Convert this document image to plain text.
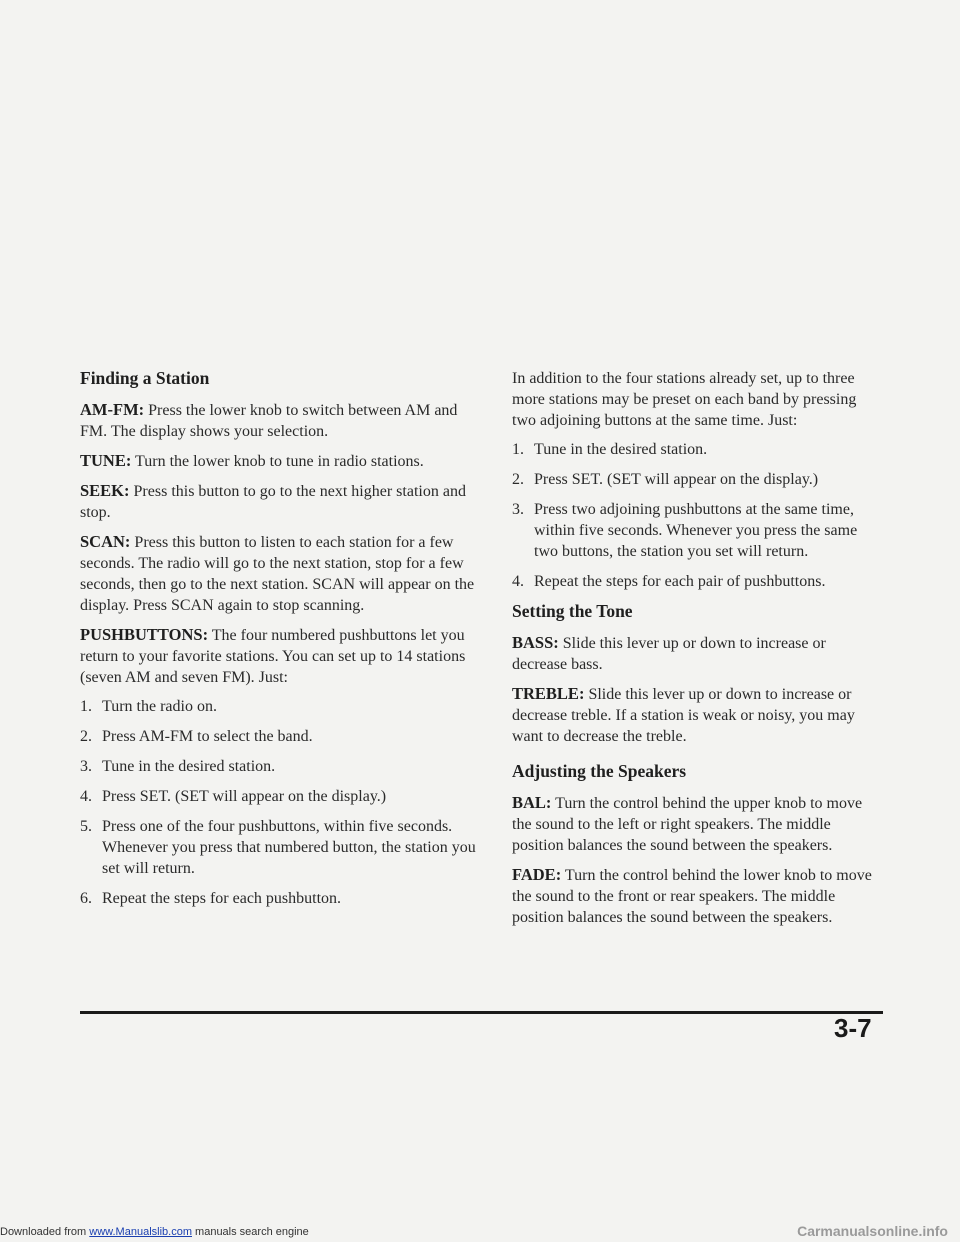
Finding a Station

AM-FM: Press the lower knob to switch between AM and FM. The display shows your selection.

TUNE: Turn the lower knob to tune in radio stations.

SEEK: Press this button to go to the next higher station and stop.

SCAN: Press this button to listen to each station for a few seconds. The radio will go to the next station, stop for a few seconds, then go to the next station. SCAN will appear on the display. Press SCAN again to stop scanning.

PUSHBUTTONS: The four numbered pushbuttons let you return to your favorite stations. You can set up to 14 stations (seven AM and seven FM). Just:

1. Turn the radio on.
2. Press AM-FM to select the band.
3. Tune in the desired station.
4. Press SET. (SET will appear on the display.)
5. Press one of the four pushbuttons, within five seconds. Whenever you press that numbered button, the station you set will return.
6. Repeat the steps for each pushbutton.

In addition to the four stations already set, up to three more stations may be preset on each band by pressing two adjoining buttons at the same time. Just:

1. Tune in the desired station.
2. Press SET. (SET will appear on the display.)
3. Press two adjoining pushbuttons at the same time, within five seconds. Whenever you press the same two buttons, the station you set will return.
4. Repeat the steps for each pair of pushbuttons.
Setting the Tone

BASS: Slide this lever up or down to increase or decrease bass.

TREBLE: Slide this lever up or down to increase or decrease treble. If a station is weak or noisy, you may want to decrease the treble.

Adjusting the Speakers

BAL: Turn the control behind the upper knob to move the sound to the left or right speakers. The middle position balances the sound between the speakers.

FADE: Turn the control behind the lower knob to move the sound to the front or rear speakers. The middle position balances the sound between the speakers.

3-7
Downloaded from www.Manualslib.com manuals search engine	Carmanualsonline.info
